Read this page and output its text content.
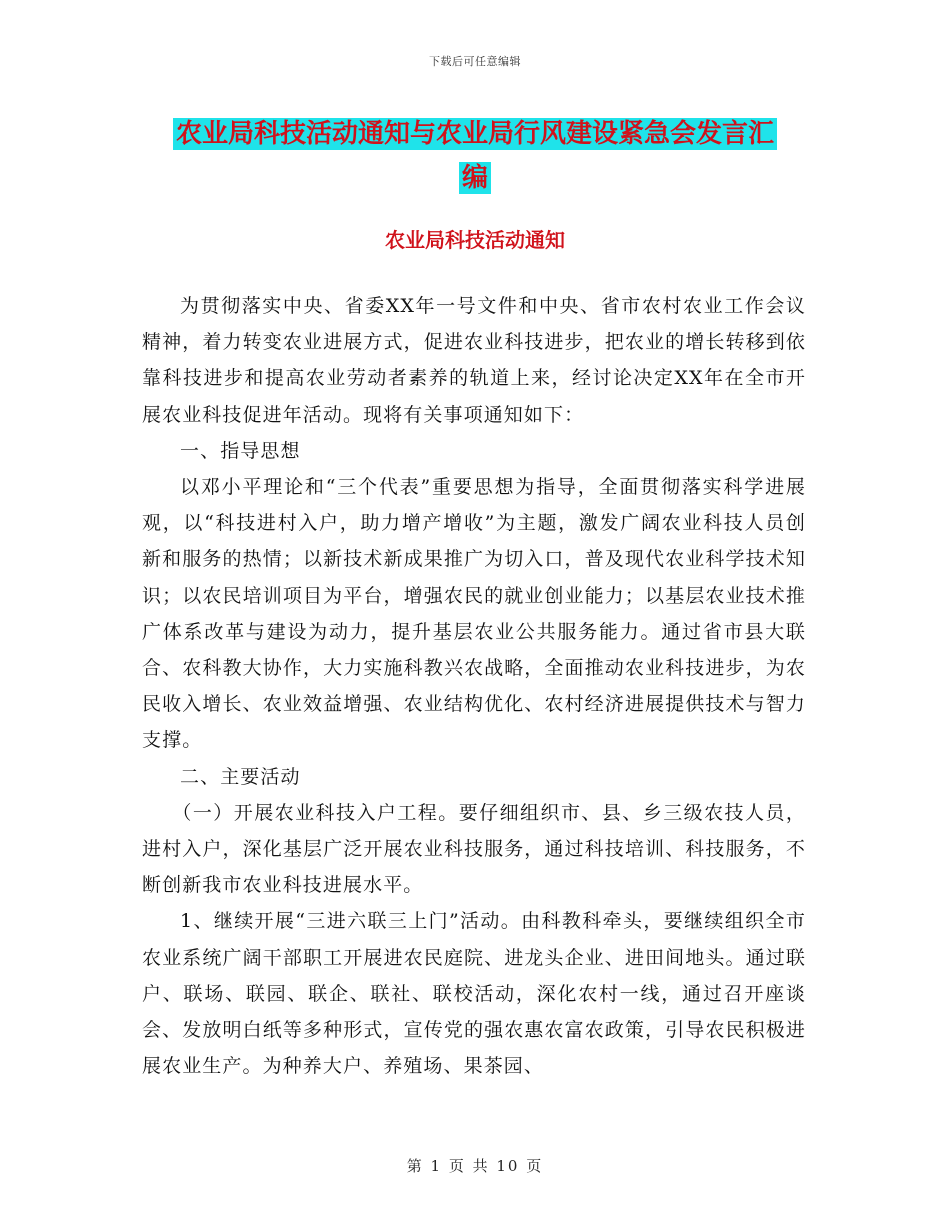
下载后可任意编辑
农业局科技活动通知与农业局行风建设紧急会发言汇
编
农业局科技活动通知

为贯彻落实中央、省委XX年一号文件和中央、省市农村农业工作会议精神，着力转变农业进展方式，促进农业科技进步，把农业的增长转移到依靠科技进步和提高农业劳动者素养的轨道上来，经讨论决定XX年在全市开展农业科技促进年活动。现将有关事项通知如下：

一、指导思想

以邓小平理论和“三个代表”重要思想为指导，全面贯彻落实科学进展观，以“科技进村入户，助力增产增收”为主题，激发广阔农业科技人员创新和服务的热情；以新技术新成果推广为切入口，普及现代农业科学技术知识；以农民培训项目为平台，增强农民的就业创业能力；以基层农业技术推广体系改革与建设为动力，提升基层农业公共服务能力。通过省市县大联合、农科教大协作，大力实施科教兴农战略，全面推动农业科技进步，为农民收入增长、农业效益增强、农业结构优化、农村经济进展提供技术与智力支撑。

二、主要活动

（一）开展农业科技入户工程。要仔细组织市、县、乡三级农技人员，进村入户，深化基层广泛开展农业科技服务，通过科技培训、科技服务，不断创新我市农业科技进展水平。

1、继续开展“三进六联三上门”活动。由科教科牵头，要继续组织全市农业系统广阔干部职工开展进农民庭院、进龙头企业、进田间地头。通过联户、联场、联园、联企、联社、联校活动，深化农村一线，通过召开座谈会、发放明白纸等多种形式，宣传党的强农惠农富农政策，引导农民积极进展农业生产。为种养大户、养殖场、果茶园、

第 1 页 共 10 页
